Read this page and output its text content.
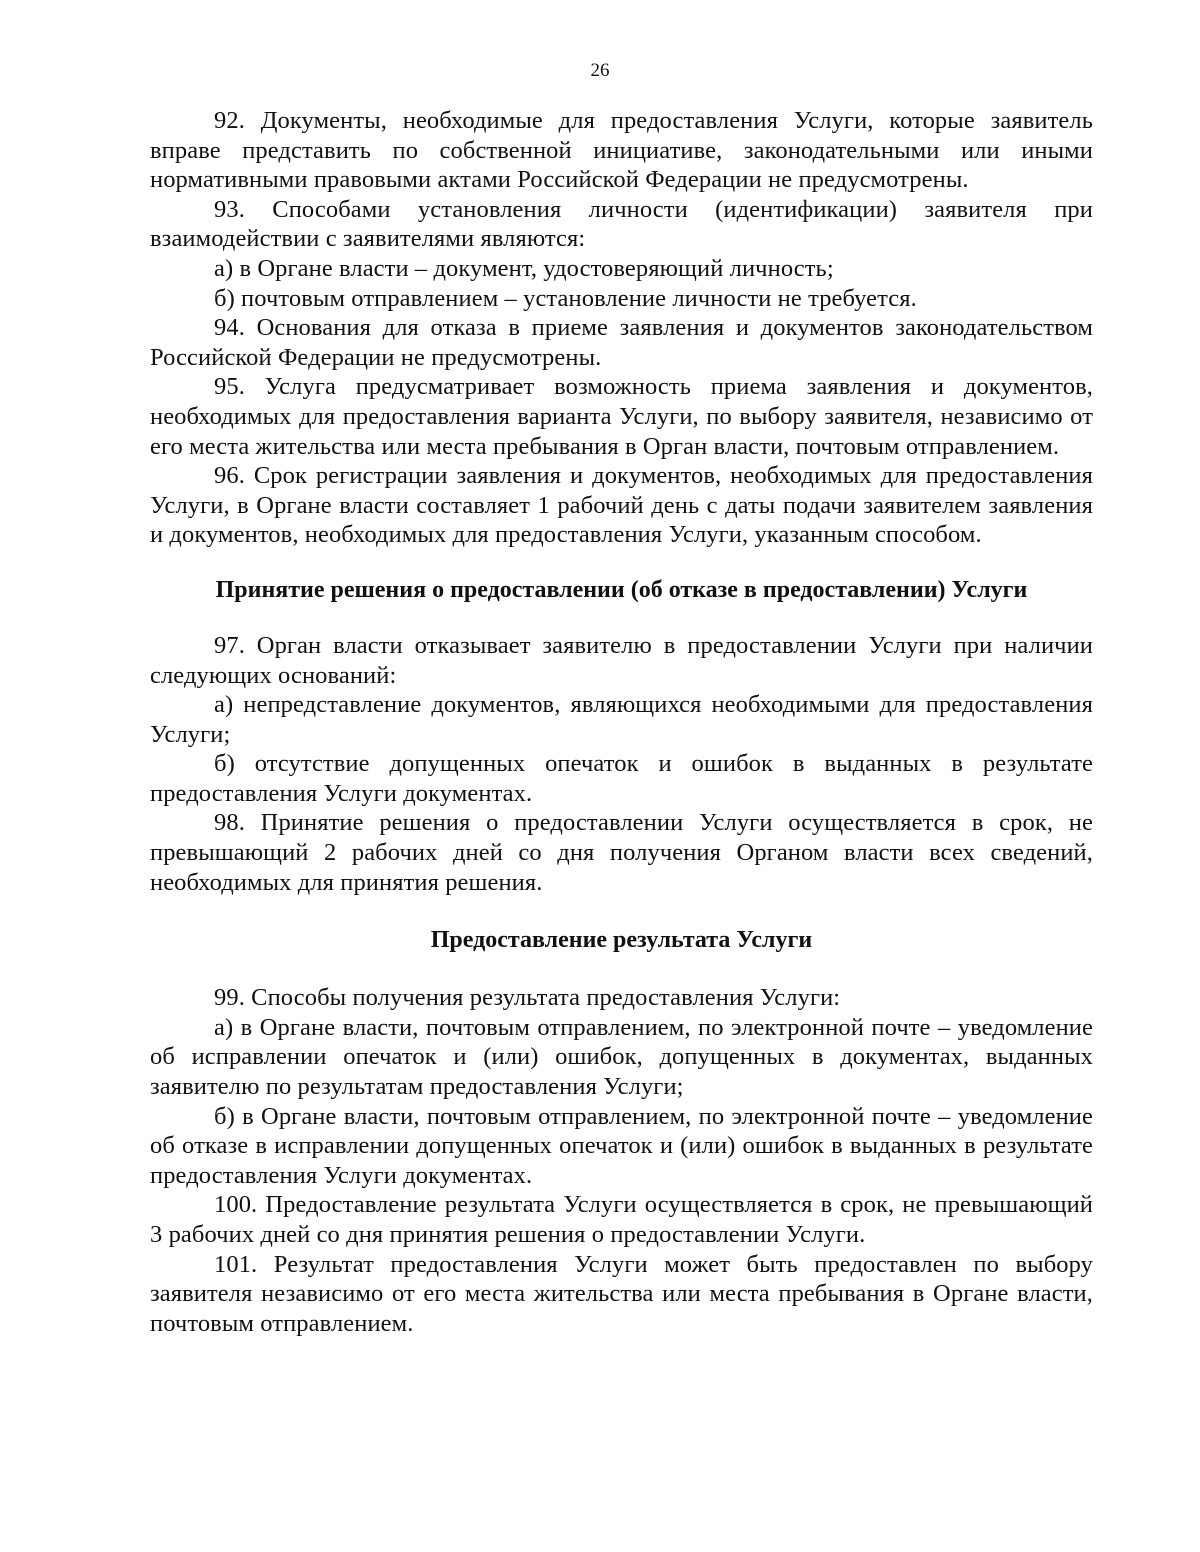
26

92. Документы, необходимые для предоставления Услуги, которые заявитель вправе представить по собственной инициативе, законодательными или иными нормативными правовыми актами Российской Федерации не предусмотрены.

93. Способами установления личности (идентификации) заявителя при взаимодействии с заявителями являются:

а) в Органе власти – документ, удостоверяющий личность;

б) почтовым отправлением – установление личности не требуется.

94. Основания для отказа в приеме заявления и документов законодательством Российской Федерации не предусмотрены.

95. Услуга предусматривает возможность приема заявления и документов, необходимых для предоставления варианта Услуги, по выбору заявителя, независимо от его места жительства или места пребывания в Орган власти, почтовым отправлением.

96. Срок регистрации заявления и документов, необходимых для предоставления Услуги, в Органе власти составляет 1 рабочий день с даты подачи заявителем заявления и документов, необходимых для предоставления Услуги, указанным способом.

Принятие решения о предоставлении (об отказе в предоставлении) Услуги

97. Орган власти отказывает заявителю в предоставлении Услуги при наличии следующих оснований:

а) непредставление документов, являющихся необходимыми для предоставления Услуги;

б) отсутствие допущенных опечаток и ошибок в выданных в результате предоставления Услуги документах.

98. Принятие решения о предоставлении Услуги осуществляется в срок, не превышающий 2 рабочих дней со дня получения Органом власти всех сведений, необходимых для принятия решения.

Предоставление результата Услуги

99. Способы получения результата предоставления Услуги:

а) в Органе власти, почтовым отправлением, по электронной почте – уведомление об исправлении опечаток и (или) ошибок, допущенных в документах, выданных заявителю по результатам предоставления Услуги;

б) в Органе власти, почтовым отправлением, по электронной почте – уведомление об отказе в исправлении допущенных опечаток и (или) ошибок в выданных в результате предоставления Услуги документах.

100. Предоставление результата Услуги осуществляется в срок, не превышающий 3 рабочих дней со дня принятия решения о предоставлении Услуги.

101. Результат предоставления Услуги может быть предоставлен по выбору заявителя независимо от его места жительства или места пребывания в Органе власти, почтовым отправлением.
